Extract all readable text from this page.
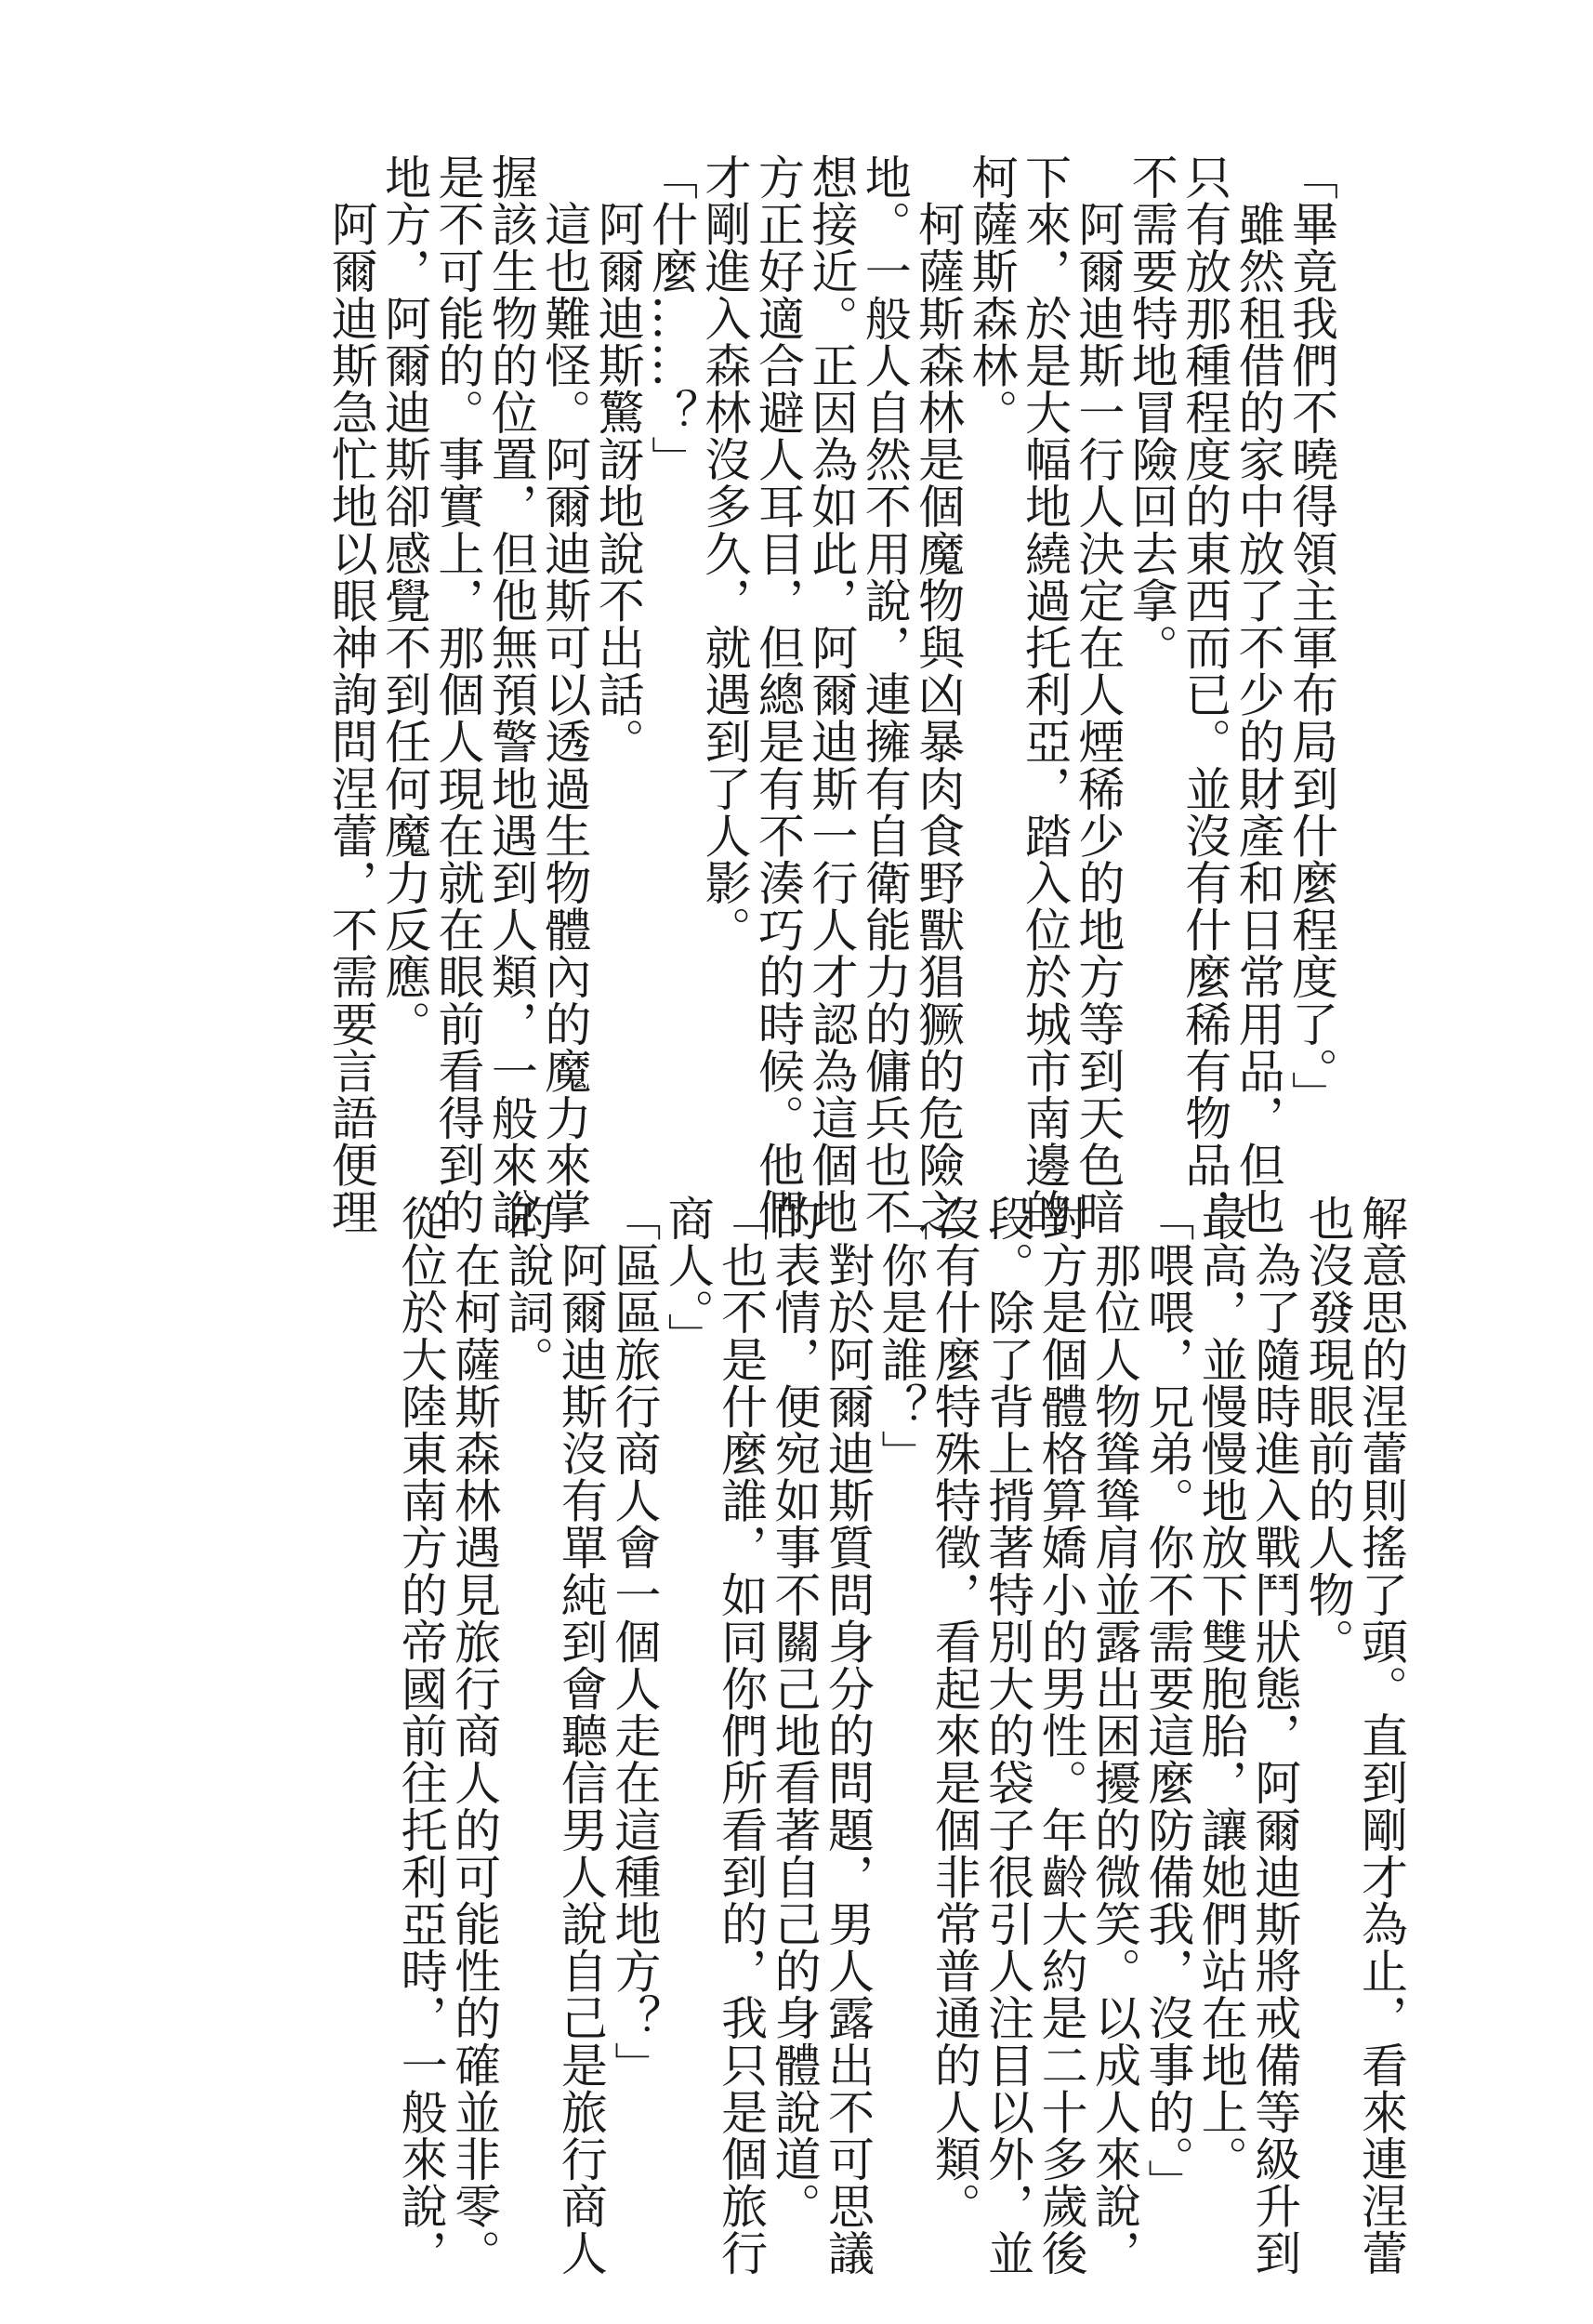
「畢竟我們不曉得領主軍布局到什麼程度了。」
　雖然租借的家中放了不少的財產和日常用品，但也
只有放那種程度的東西而已。並沒有什麼稀有物品，
不需要特地冒險回去拿。
　阿爾迪斯一行人決定在人煙稀少的地方等到天色暗
下來，於是大幅地繞過托利亞，踏入位於城市南邊的
柯薩斯森林。
　柯薩斯森林是個魔物與凶暴肉食野獸猖獗的危險之
地。一般人自然不用說，連擁有自衛能力的傭兵也不
想接近。正因為如此，阿爾迪斯一行人才認為這個地
方正好適合避人耳目，但總是有不湊巧的時候。他們
才剛進入森林沒多久，就遇到了人影。
「什麼……？」
　阿爾迪斯驚訝地說不出話。
　這也難怪。阿爾迪斯可以透過生物體內的魔力來掌
握該生物的位置，但他無預警地遇到人類，一般來說
是不可能的。事實上，那個人現在就在眼前看得到的
地方，阿爾迪斯卻感覺不到任何魔力反應。
　阿爾迪斯急忙地以眼神詢問涅蕾，不需要言語便理
解意思的涅蕾則搖了頭。直到剛才為止，看來連涅蕾
也沒發現眼前的人物。
　為了隨時進入戰鬥狀態，阿爾迪斯將戒備等級升到
最高，並慢慢地放下雙胞胎，讓她們站在地上。
「喂喂，兄弟。你不需要這麼防備我，沒事的。」
　那位人物聳聳肩並露出困擾的微笑。以成人來說，
對方是個體格算嬌小的男性。年齡大約是二十多歲後
段。除了背上揹著特別大的袋子很引人注目以外，並
沒有什麼特殊特徵，看起來是個非常普通的人類。
「你是誰？」
　對於阿爾迪斯質問身分的問題，男人露出不可思議
的表情，便宛如事不關己地看著自己的身體說道。
「也不是什麼誰，如同你們所看到的，我只是個旅行
商人。」
「區區旅行商人會一個人走在這種地方？」
　阿爾迪斯沒有單純到會聽信男人說自己是旅行商人
的說詞。
　在柯薩斯森林遇見旅行商人的可能性的確並非零。
從位於大陸東南方的帝國前往托利亞時，一般來說，
